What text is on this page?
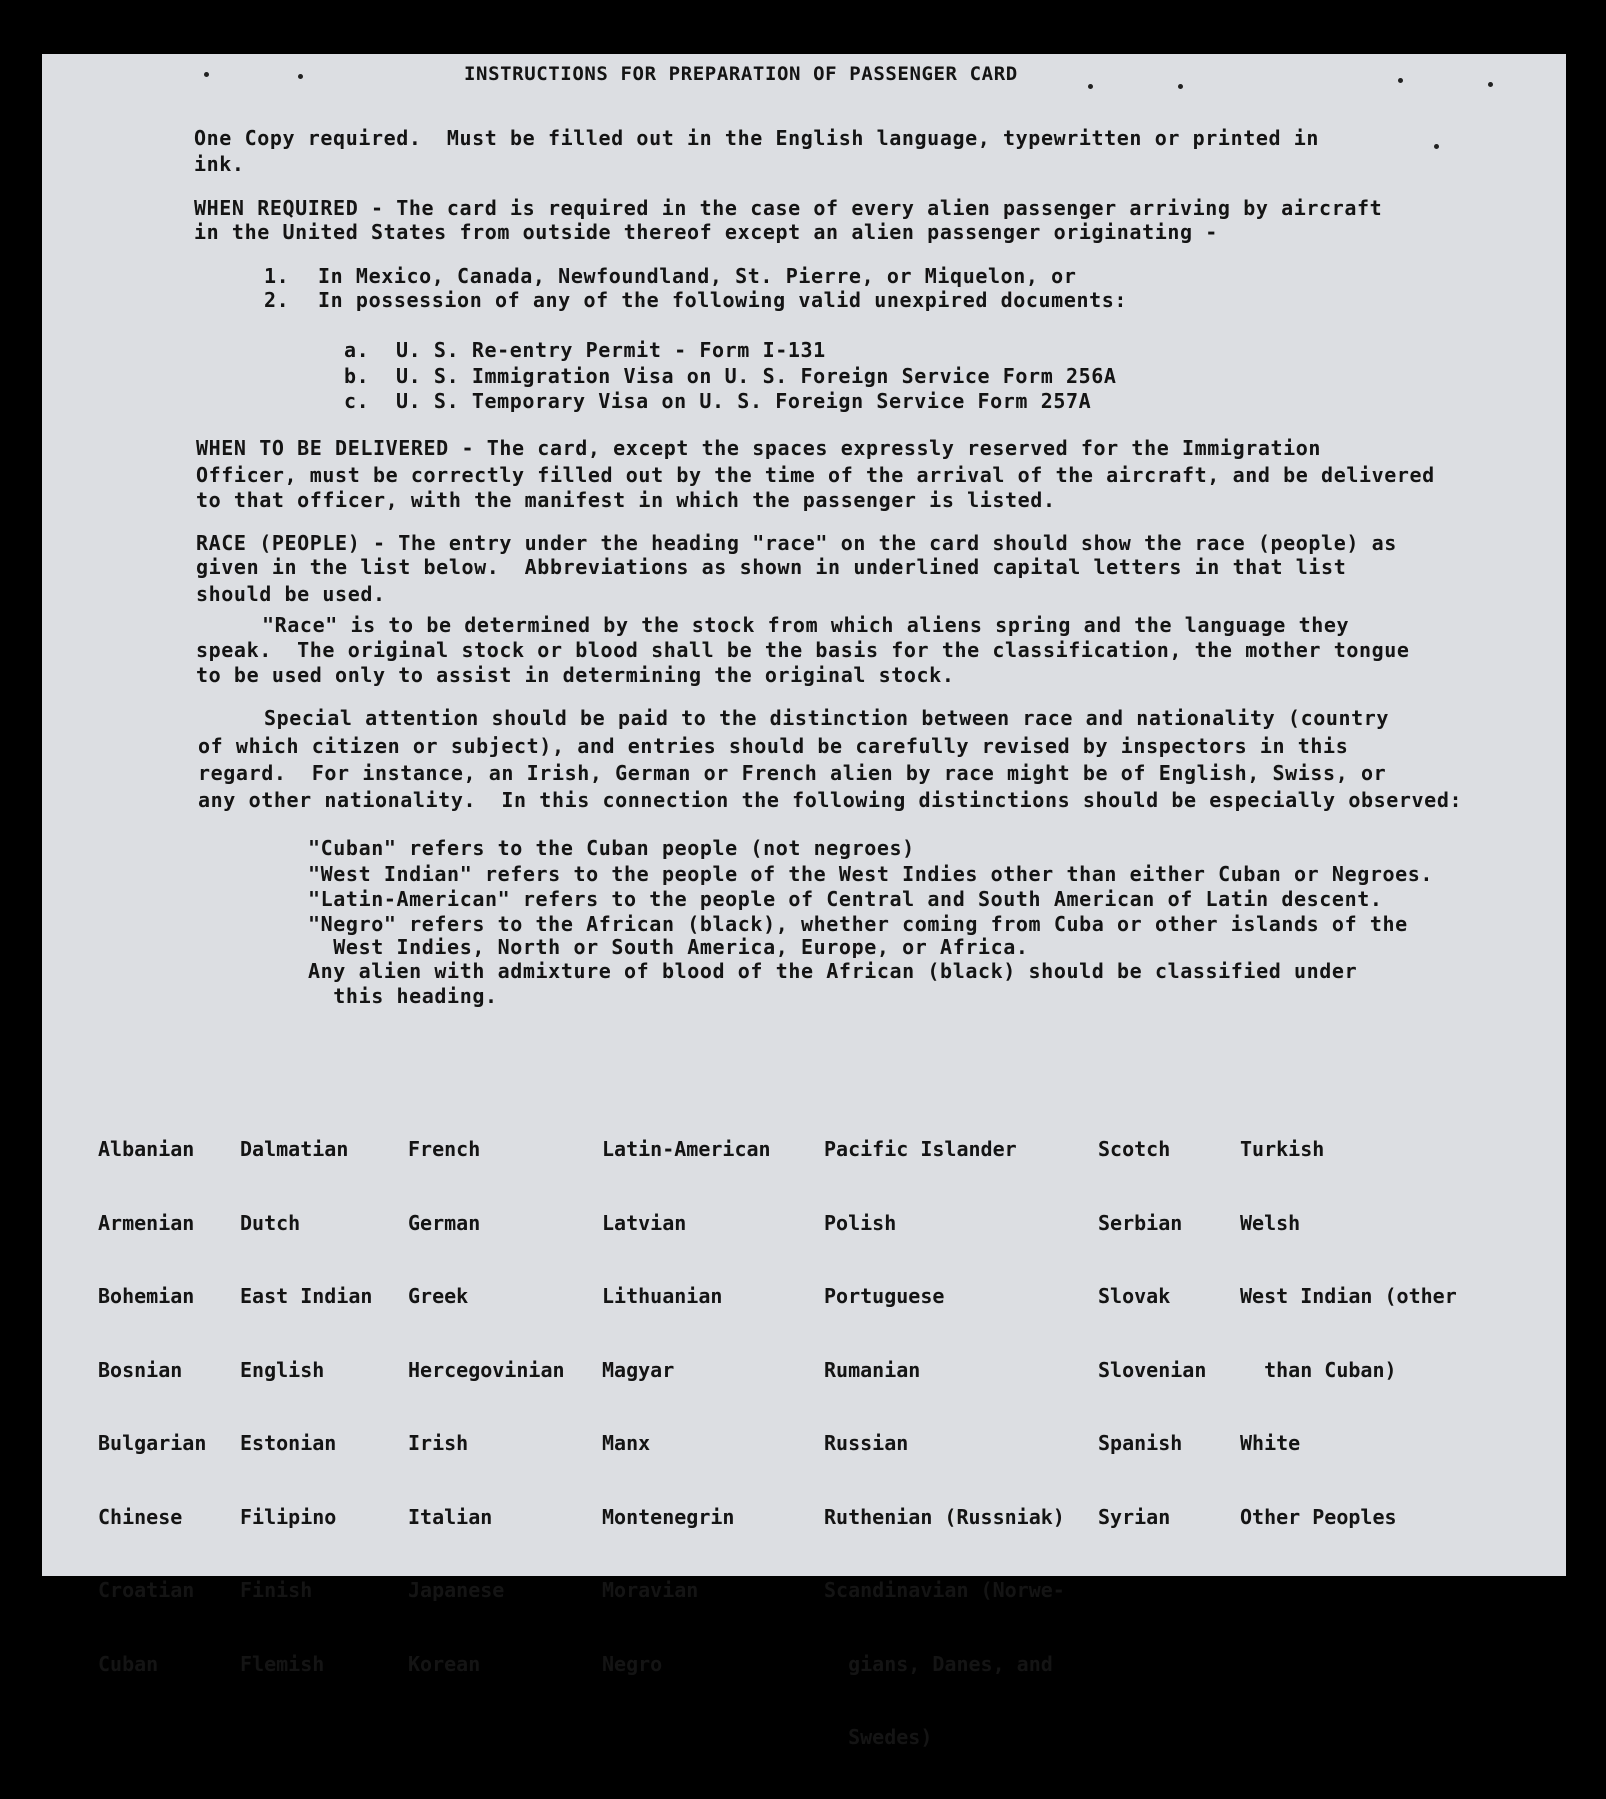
INSTRUCTIONS FOR PREPARATION OF PASSENGER CARD
One Copy required.  Must be filled out in the English language, typewritten or printed in
ink.
WHEN REQUIRED - The card is required in the case of every alien passenger arriving by aircraft
in the United States from outside thereof except an alien passenger originating -
1. In Mexico, Canada, Newfoundland, St. Pierre, or Miquelon, or
2. In possession of any of the following valid unexpired documents:
a. U. S. Re-entry Permit - Form I-131
b. U. S. Immigration Visa on U. S. Foreign Service Form 256A
c. U. S. Temporary Visa on U. S. Foreign Service Form 257A
WHEN TO BE DELIVERED - The card, except the spaces expressly reserved for the Immigration
Officer, must be correctly filled out by the time of the arrival of the aircraft, and be delivered
to that officer, with the manifest in which the passenger is listed.
RACE (PEOPLE) - The entry under the heading "race" on the card should show the race (people) as
given in the list below.  Abbreviations as shown in underlined capital letters in that list
should be used.
"Race" is to be determined by the stock from which aliens spring and the language they
speak.  The original stock or blood shall be the basis for the classification, the mother tongue
to be used only to assist in determining the original stock.
Special attention should be paid to the distinction between race and nationality (country
of which citizen or subject), and entries should be carefully revised by inspectors in this
regard.  For instance, an Irish, German or French alien by race might be of English, Swiss, or
any other nationality.  In this connection the following distinctions should be especially observed:
"Cuban" refers to the Cuban people (not negroes)
"West Indian" refers to the people of the West Indies other than either Cuban or Negroes.
"Latin-American" refers to the people of Central and South American of Latin descent.
"Negro" refers to the African (black), whether coming from Cuba or other islands of the
West Indies, North or South America, Europe, or Africa.
Any alien with admixture of blood of the African (black) should be classified under
this heading.

Albanian

Armenian

Bohemian

Bosnian

Bulgarian

Chinese

Croatian

Cuban

Dalmatian

Dutch

East Indian

English

Estonian

Filipino

Finish

Flemish

French

German

Greek

Hercegovinian

Irish

Italian

Japanese

Korean

Latin-American

Latvian

Lithuanian

Magyar

Manx

Montenegrin

Moravian

Negro

Pacific Islander

Polish

Portuguese

Rumanian

Russian

Ruthenian (Russniak)

Scandinavian (Norwe-

gians, Danes, and

Swedes)

Scotch

Serbian

Slovak

Slovenian

Spanish

Syrian

Turkish

Welsh

West Indian (other

than Cuban)

White

Other Peoples
